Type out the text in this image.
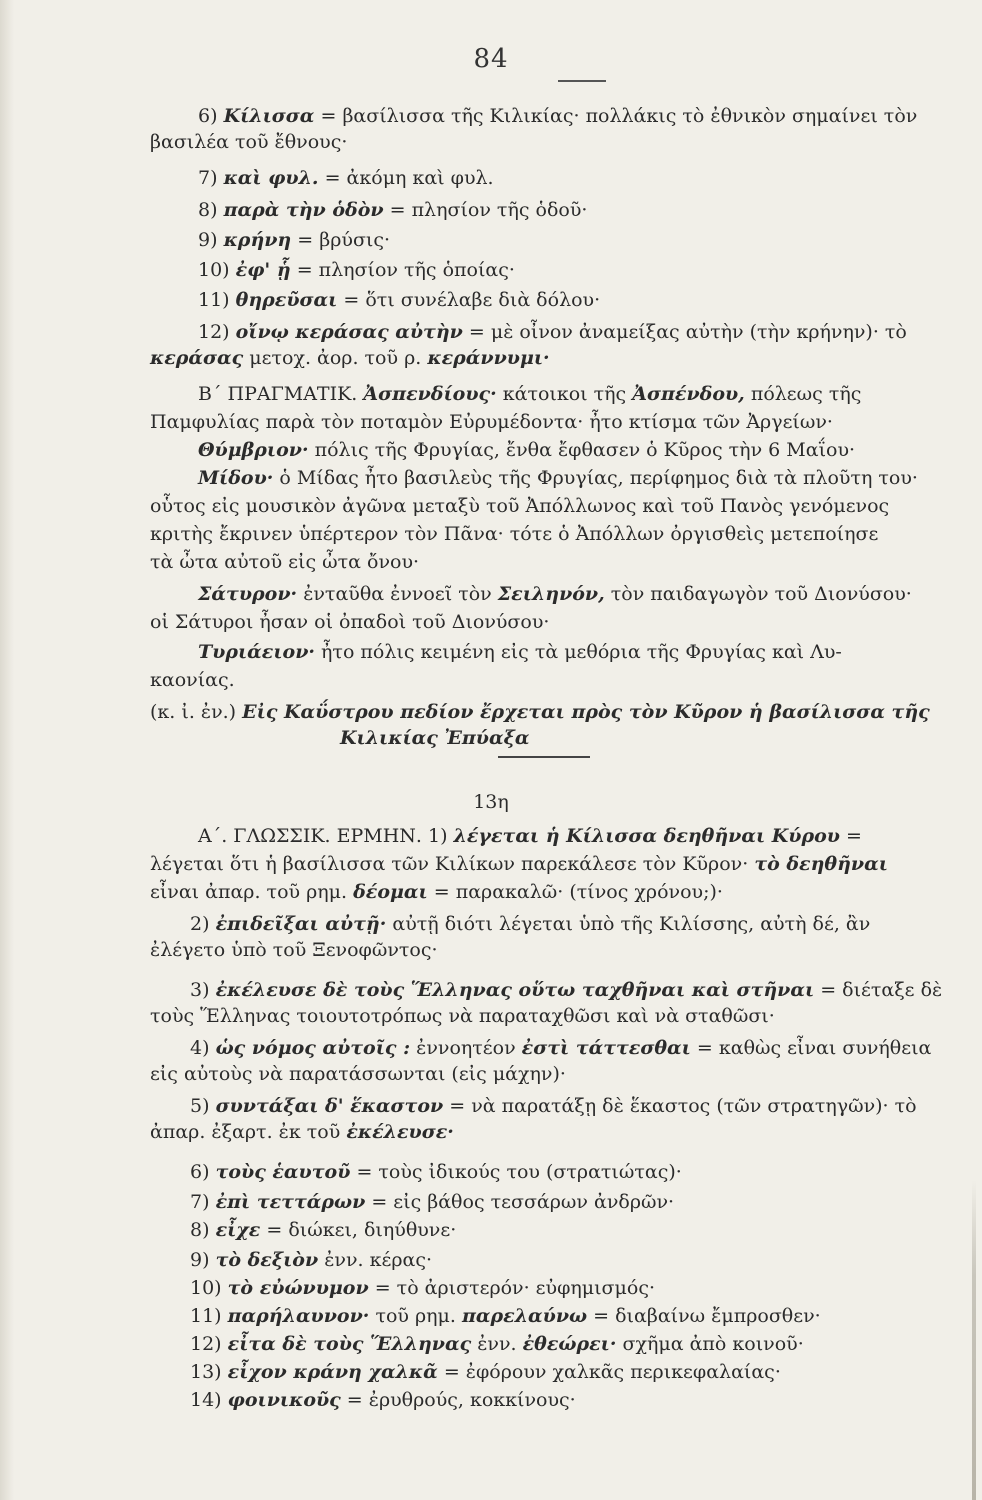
84
6) Κίλισσα = βασίλισσα τῆς Κιλικίας· πολλάκις τὸ ἐθνικὸν σημαίνει τὸν
βασιλέα τοῦ ἔθνους·
7) καὶ φυλ. = ἀκόμη καὶ φυλ.
8) παρὰ τὴν ὁδὸν = πλησίον τῆς ὁδοῦ·
9) κρήνη = βρύσις·
10) ἐφ' ᾗ = πλησίον τῆς ὁποίας·
11) θηρεῦσαι = ὅτι συνέλαβε διὰ δόλου·
12) οἴνῳ κεράσας αὐτὴν = μὲ οἶνον ἀναμείξας αὐτὴν (τὴν κρήνην)· τὸ
κεράσας μετοχ. ἀορ. τοῦ ρ. κεράννυμι·
Β΄ ΠΡΑΓΜΑΤΙΚ. Ἀσπενδίους· κάτοικοι τῆς Ἀσπένδου, πόλεως τῆς
Παμφυλίας παρὰ τὸν ποταμὸν Εὐρυμέδοντα· ἦτο κτίσμα τῶν Ἀργείων·
Θύμβριον· πόλις τῆς Φρυγίας, ἔνθα ἔφθασεν ὁ Κῦρος τὴν 6 Μαΐου·
Μίδου· ὁ Μίδας ἦτο βασιλεὺς τῆς Φρυγίας, περίφημος διὰ τὰ πλοῦτη του·
οὗτος εἰς μουσικὸν ἀγῶνα μεταξὺ τοῦ Ἀπόλλωνος καὶ τοῦ Πανὸς γενόμενος
κριτὴς ἔκρινεν ὑπέρτερον τὸν Πᾶνα· τότε ὁ Ἀπόλλων ὀργισθεὶς μετεποίησε
τὰ ὦτα αὐτοῦ εἰς ὦτα ὄνου·
Σάτυρον· ἐνταῦθα ἐννοεῖ τὸν Σειληνόν, τὸν παιδαγωγὸν τοῦ Διονύσου·
οἱ Σάτυροι ἦσαν οἱ ὀπαδοὶ τοῦ Διονύσου·
Τυριάειον· ἦτο πόλις κειμένη εἰς τὰ μεθόρια τῆς Φρυγίας καὶ Λυ-
καονίας.
(κ. ἰ. ἐν.) Εἰς Καΰστρου πεδίον ἔρχεται πρὸς τὸν Κῦρον ἡ βασίλισσα τῆς
Κιλικίας Ἐπύαξα
13η
Α΄. ΓΛΩΣΣΙΚ. ΕΡΜΗΝ. 1) λέγεται ἡ Κίλισσα δεηθῆναι Κύρου =
λέγεται ὅτι ἡ βασίλισσα τῶν Κιλίκων παρεκάλεσε τὸν Κῦρον· τὸ δεηθῆναι
εἶναι ἀπαρ. τοῦ ρημ. δέομαι = παρακαλῶ· (τίνος χρόνου;)·
2) ἐπιδεῖξαι αὐτῇ· αὐτῇ διότι λέγεται ὑπὸ τῆς Κιλίσσης, αὐτὴ δέ, ἂν
ἐλέγετο ὑπὸ τοῦ Ξενοφῶντος·
3) ἐκέλευσε δὲ τοὺς Ἕλληνας οὕτω ταχθῆναι καὶ στῆναι = διέταξε δὲ
τοὺς Ἕλληνας τοιουτοτρόπως νὰ παραταχθῶσι καὶ νὰ σταθῶσι·
4) ὡς νόμος αὐτοῖς : ἐννοητέον ἐστὶ τάττεσθαι = καθὼς εἶναι συνήθεια
εἰς αὐτοὺς νὰ παρατάσσωνται (εἰς μάχην)·
5) συντάξαι δ' ἕκαστον = νὰ παρατάξῃ δὲ ἕκαστος (τῶν στρατηγῶν)· τὸ
ἀπαρ. ἐξαρτ. ἐκ τοῦ ἐκέλευσε·
6) τοὺς ἑαυτοῦ = τοὺς ἰδικούς του (στρατιώτας)·
7) ἐπὶ τεττάρων = εἰς βάθος τεσσάρων ἀνδρῶν·
8) εἶχε = διώκει, διηύθυνε·
9) τὸ δεξιὸν ἐνν. κέρας·
10) τὸ εὐώνυμον = τὸ ἀριστερόν· εὐφημισμός·
11) παρήλαυνον· τοῦ ρημ. παρελαύνω = διαβαίνω ἔμπροσθεν·
12) εἶτα δὲ τοὺς Ἕλληνας ἐνν. ἐθεώρει· σχῆμα ἀπὸ κοινοῦ·
13) εἶχον κράνη χαλκᾶ = ἐφόρουν χαλκᾶς περικεφαλαίας·
14) φοινικοῦς = ἐρυθρούς, κοκκίνους·
